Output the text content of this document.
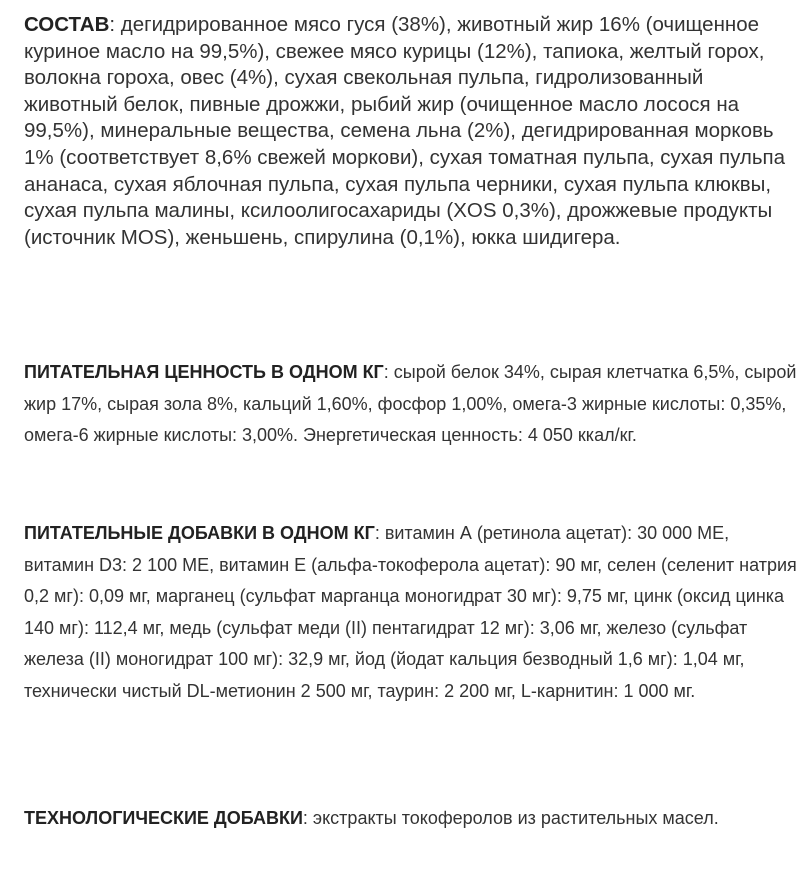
СОСТАВ: дегидрированное мясо гуся (38%), животный жир 16% (очищенное куриное масло на 99,5%), свежее мясо курицы (12%), тапиока, желтый горох, волокна гороха, овес (4%), сухая свекольная пульпа, гидролизованный животный белок, пивные дрожжи, рыбий жир (очищенное масло лосося на 99,5%), минеральные вещества, семена льна (2%), дегидрированная морковь 1% (соответствует 8,6% свежей моркови), сухая томатная пульпа, сухая пульпа ананаса, сухая яблочная пульпа, сухая пульпа черники, сухая пульпа клюквы, сухая пульпа малины, ксилоолигосахариды (XOS 0,3%), дрожжевые продукты (источник MOS), женьшень, спирулина (0,1%), юкка шидигера.

ПИТАТЕЛЬНАЯ ЦЕННОСТЬ В ОДНОМ КГ: сырой белок 34%, сырая клетчатка 6,5%, сырой жир 17%, сырая зола 8%, кальций 1,60%, фосфор 1,00%, омега-3 жирные кислоты: 0,35%, омега-6 жирные кислоты: 3,00%. Энергетическая ценность: 4 050 ккал/кг.

ПИТАТЕЛЬНЫЕ ДОБАВКИ В ОДНОМ КГ: витамин А (ретинола ацетат): 30 000 МЕ, витамин D3: 2 100 МЕ, витамин Е (альфа-токоферола ацетат): 90 мг, селен (селенит натрия 0,2 мг): 0,09 мг, марганец (сульфат марганца моногидрат 30 мг): 9,75 мг, цинк (оксид цинка 140 мг): 112,4 мг, медь (сульфат меди (II) пентагидрат 12 мг): 3,06 мг, железо (сульфат железа (II) моногидрат 100 мг): 32,9 мг, йод (йодат кальция безводный 1,6 мг): 1,04 мг, технически чистый DL-метионин 2 500 мг, таурин: 2 200 мг, L-карнитин: 1 000 мг.

ТЕХНОЛОГИЧЕСКИЕ ДОБАВКИ: экстракты токоферолов из растительных масел.
